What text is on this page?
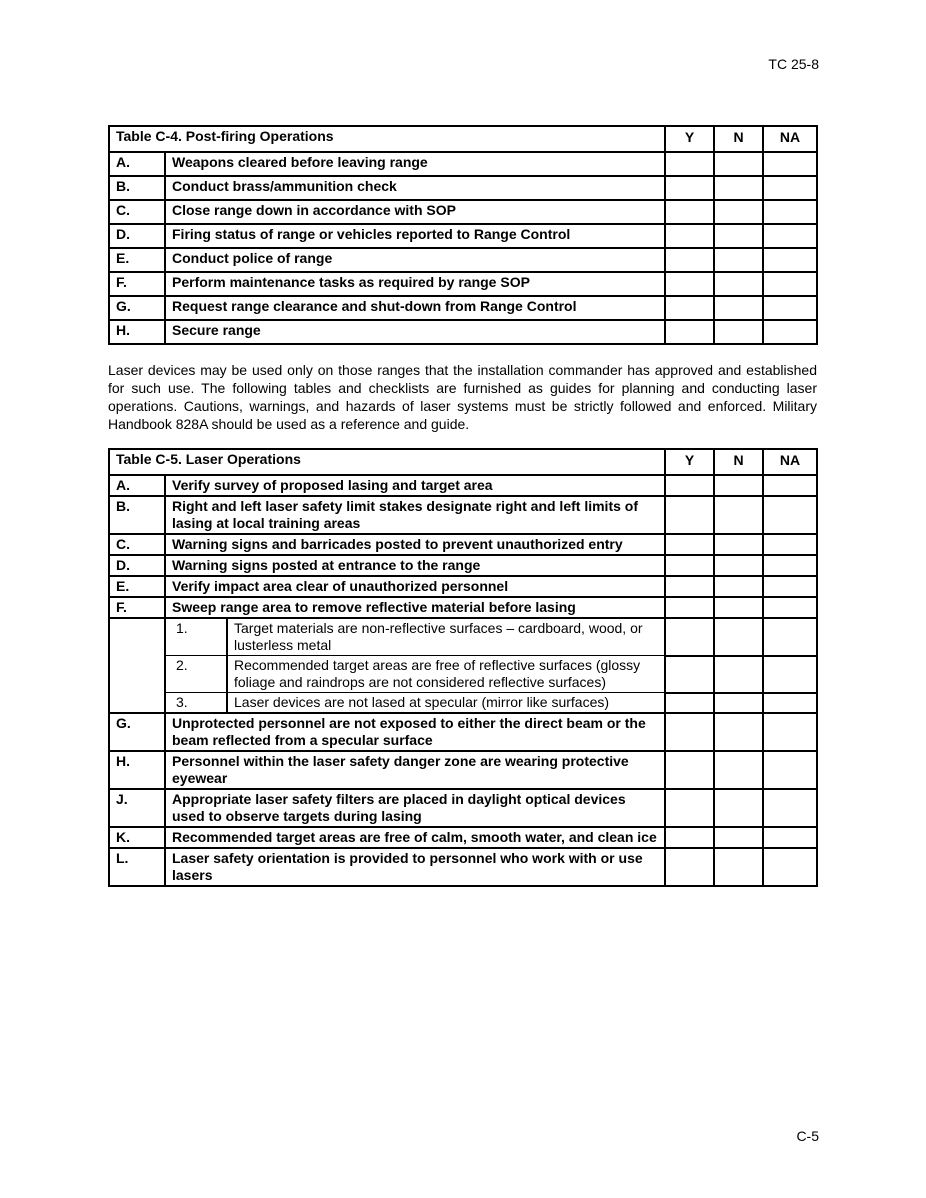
TC 25-8
Table C-4. Post-firing Operations		Y	N	NA
A.	Weapons cleared before leaving range			
B.	Conduct brass/ammunition check			
C.	Close range down in accordance with SOP			
D.	Firing status of range or vehicles reported to Range Control			
E.	Conduct police of range			
F.	Perform maintenance tasks as required by range SOP			
G.	Request range clearance and shut-down from Range Control			
H.	Secure range			

Laser devices may be used only on those ranges that the installation commander has approved and established for such use. The following tables and checklists are furnished as guides for planning and conducting laser operations. Cautions, warnings, and hazards of laser systems must be strictly followed and enforced. Military Handbook 828A should be used as a reference and guide.

Table C-5. Laser Operations			Y	N	NA
A.	Verify survey of proposed lasing and target area				
B.	Right and left laser safety limit stakes designate right and left limits of lasing at local training areas				
C.	Warning signs and barricades posted to prevent unauthorized entry				
D.	Warning signs posted at entrance to the range				
E.	Verify impact area clear of unauthorized personnel				
F.	Sweep range area to remove reflective material before lasing				
	1.	Target materials are non-reflective surfaces – cardboard, wood, or lusterless metal			
	2.	Recommended target areas are free of reflective surfaces (glossy foliage and raindrops are not considered reflective surfaces)			
	3.	Laser devices are not lased at specular (mirror like surfaces)			
G.	Unprotected personnel are not exposed to either the direct beam or the beam reflected from a specular surface				
H.	Personnel within the laser safety danger zone are wearing protective eyewear				
J.	Appropriate laser safety filters are placed in daylight optical devices used to observe targets during lasing				
K.	Recommended target areas are free of calm, smooth water, and clean ice				
L.	Laser safety orientation is provided to personnel who work with or use lasers				
C-5
